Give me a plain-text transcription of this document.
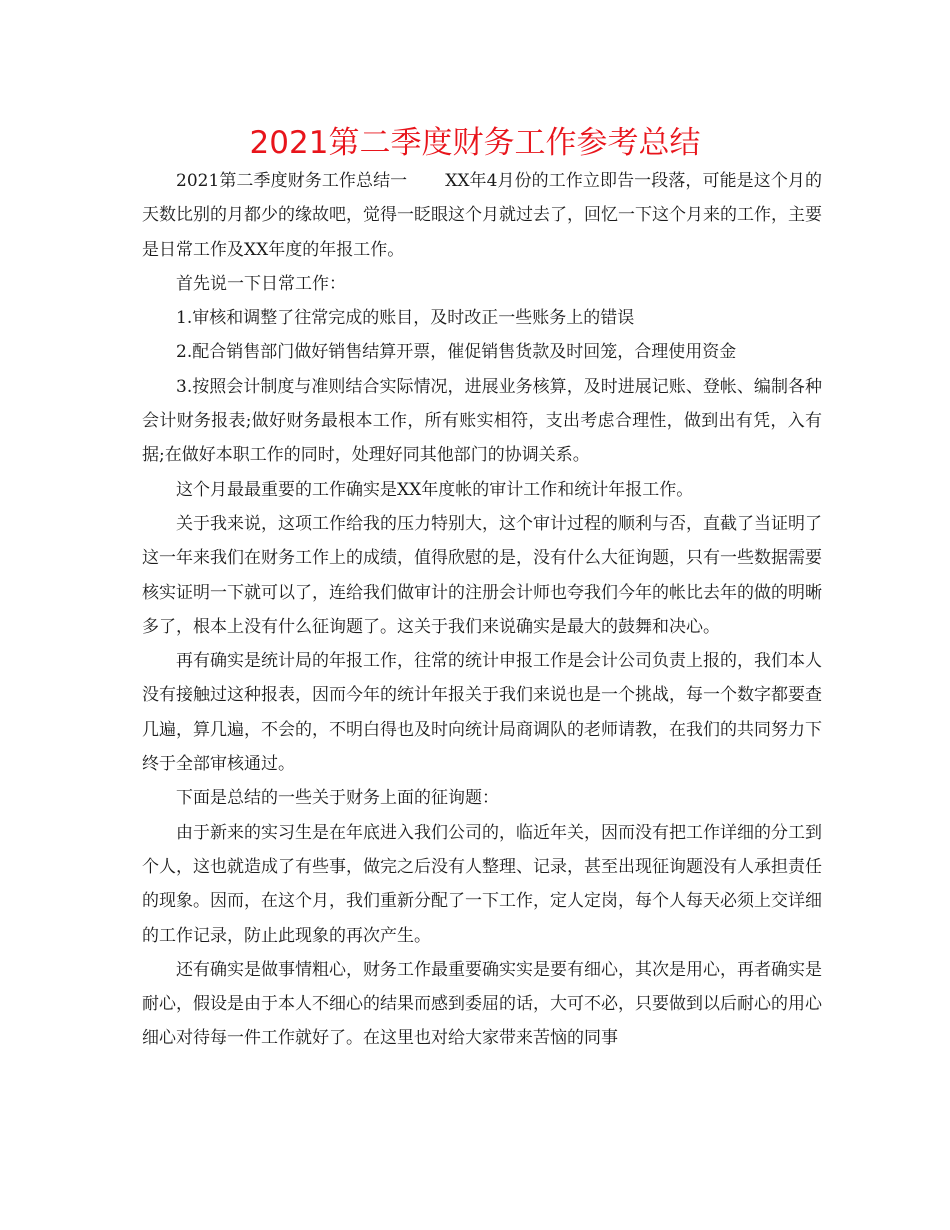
2021第二季度财务工作参考总结

2021第二季度财务工作总结一 XX年4月份的工作立即告一段落，可能是这个月的天数比别的月都少的缘故吧，觉得一眨眼这个月就过去了，回忆一下这个月来的工作，主要是日常工作及XX年度的年报工作。

首先说一下日常工作：

1.审核和调整了往常完成的账目，及时改正一些账务上的错误

2.配合销售部门做好销售结算开票，催促销售货款及时回笼，合理使用资金

3.按照会计制度与准则结合实际情况，进展业务核算，及时进展记账、登帐、编制各种会计财务报表;做好财务最根本工作，所有账实相符，支出考虑合理性，做到出有凭，入有据;在做好本职工作的同时，处理好同其他部门的协调关系。

这个月最最重要的工作确实是XX年度帐的审计工作和统计年报工作。

关于我来说，这项工作给我的压力特别大，这个审计过程的顺利与否，直截了当证明了这一年来我们在财务工作上的成绩，值得欣慰的是，没有什么大征询题，只有一些数据需要核实证明一下就可以了，连给我们做审计的注册会计师也夸我们今年的帐比去年的做的明晰多了，根本上没有什么征询题了。这关于我们来说确实是最大的鼓舞和决心。

再有确实是统计局的年报工作，往常的统计申报工作是会计公司负责上报的，我们本人没有接触过这种报表，因而今年的统计年报关于我们来说也是一个挑战，每一个数字都要查几遍，算几遍，不会的，不明白得也及时向统计局商调队的老师请教，在我们的共同努力下终于全部审核通过。

下面是总结的一些关于财务上面的征询题：

由于新来的实习生是在年底进入我们公司的，临近年关，因而没有把工作详细的分工到个人，这也就造成了有些事，做完之后没有人整理、记录，甚至出现征询题没有人承担责任的现象。因而，在这个月，我们重新分配了一下工作，定人定岗，每个人每天必须上交详细的工作记录，防止此现象的再次产生。

还有确实是做事情粗心，财务工作最重要确实实是要有细心，其次是用心，再者确实是耐心，假设是由于本人不细心的结果而感到委屈的话，大可不必，只要做到以后耐心的用心细心对待每一件工作就好了。在这里也对给大家带来苦恼的同事
